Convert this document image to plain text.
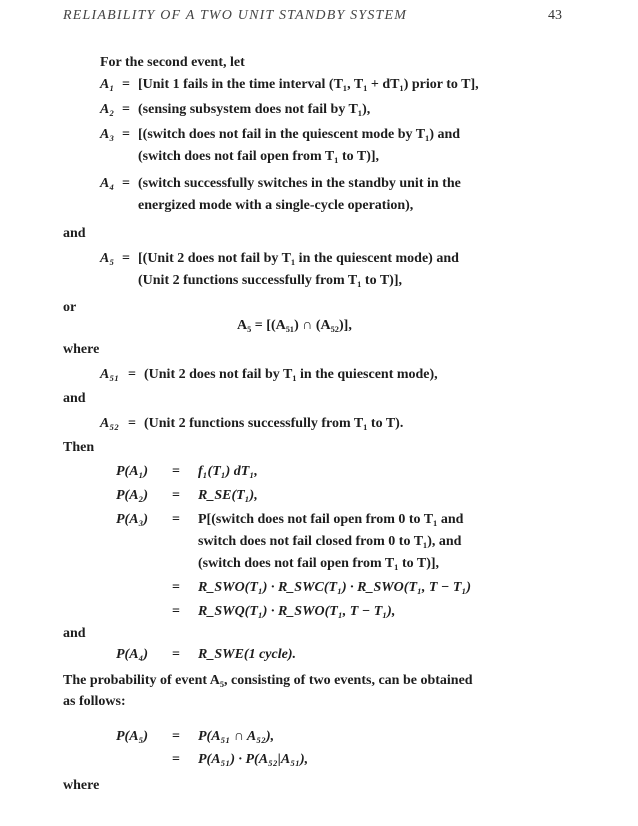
RELIABILITY OF A TWO UNIT STANDBY SYSTEM	43
For the second event, let
A₁ = [Unit 1 fails in the time interval (T₁, T₁ + dT₁) prior to T],
A₂ = (sensing subsystem does not fail by T₁),
A₃ = [(switch does not fail in the quiescent mode by T₁) and
(switch does not fail open from T₁ to T)],
A₄ = (switch successfully switches in the standby unit in the
energized mode with a single-cycle operation),
and
A₅ = [(Unit 2 does not fail by T₁ in the quiescent mode) and
(Unit 2 functions successfully from T₁ to T)],
or
A₅ = [(A₅₁) ∩ (A₅₂)],
where
A₅₁ = (Unit 2 does not fail by T₁ in the quiescent mode),
and
A₅₂ = (Unit 2 functions successfully from T₁ to T).
Then
P(A₁) = f₁(T₁) dT₁,
P(A₂) = R_SE(T₁),
P(A₃) = P[(switch does not fail open from 0 to T₁ and
switch does not fail closed from 0 to T₁), and
(switch does not fail open from T₁ to T)],
= R_SWO(T₁) · R_SWC(T₁) · R_SWO(T₁, T − T₁)
= R_SWQ(T₁) · R_SWO(T₁, T − T₁),
and
P(A₄) = R_SWE(1 cycle).
The probability of event A₅, consisting of two events, can be obtained
as follows:
P(A₅) = P(A₅₁ ∩ A₅₂),
= P(A₅₁) · P(A₅₂|A₅₁),
where
